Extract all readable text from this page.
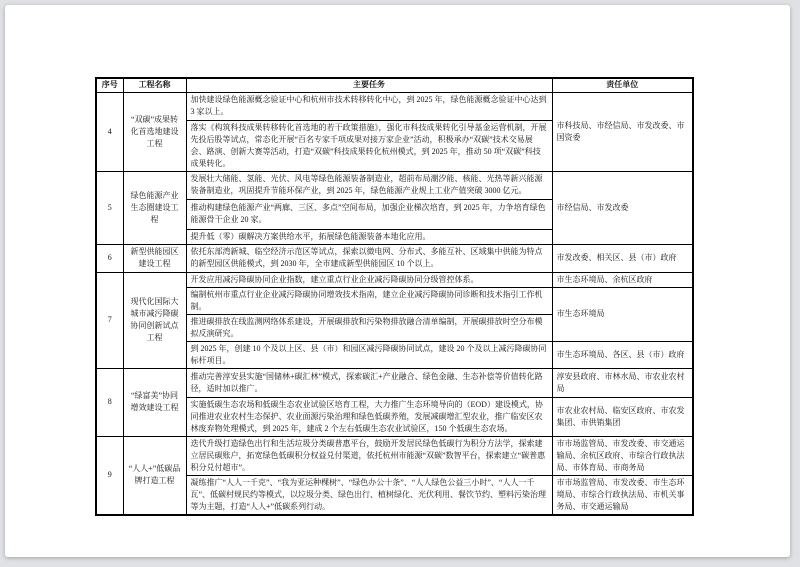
序号	工程名称	主要任务	责任单位
4	“双碳”成果转化首选地建设工程	加快建设绿色能源概念验证中心和杭州市技术转移转化中心，到 2025 年，绿色能源概念验证中心达到 3 家以上。	市科技局、市经信局、市发改委、市国资委
		落实《构筑科技成果转移转化首选地的若干政策措施》，强化市科技成果转化引导基金运营机制，开展先投后股等试点，常态化开展“百名专家千项成果对接万家企业”活动，积极承办“双碳”技术交易展会、路演、创新大赛等活动，打造“双碳”科技成果转化杭州模式，到 2025 年，推动 50 项“双碳”科技成果转化。	
5	绿色能源产业生态圈建设工程	发展壮大储能、氢能、光伏、风电等绿色能源装备制造业，超前布局潮汐能、核能、光热等新兴能源装备制造业，巩固提升节能环保产业，到 2025 年，绿色能源产业规上工业产值突破 3000 亿元。	市经信局、市发改委
		推动构建绿色能源产业“两廊、三区、多点”空间布局，加强企业梯次培育，到 2025 年，力争培育绿色能源骨干企业 20 家。	
		提升低（零）碳解决方案供给水平，拓展绿色能源装备本地化应用。	
6	新型供能园区建设工程	依托东部湾新城、临空经济示范区等试点，探索以微电网、分布式、多能互补、区域集中供能为特点的新型园区供能模式，到 2030 年，全市建成新型供能园区 10 个以上。	市发改委、相关区、县（市）政府
7	现代化国际大城市减污降碳协同创新试点工程	开发应用减污降碳协同企业指数，建立重点行业企业减污降碳协同分级管控体系。	市生态环境局、余杭区政府
		编制杭州市重点行业企业减污降碳协同增效技术指南，建立企业减污降碳协同诊断和技术指引工作机制。	市生态环境局
		推进碳排放在线监测网络体系建设，开展碳排放和污染物排放融合清单编制，开展碳排放时空分布模拟反演研究。	
		到 2025 年，创建 10 个及以上区、县（市）和园区减污降碳协同试点，建设 20 个及以上减污降碳协同标杆项目。	市生态环境局、各区、县（市）政府
8	“绿富美”协同增效建设工程	推动完善淳安县实施“国储林+碳汇林”模式，探索碳汇+产业融合、绿色金融、生态补偿等价值转化路径，适时加以推广。	淳安县政府、市林水局、市农业农村局
		实施低碳生态农场和低碳生态农业试验区培育工程，大力推广生态环境导向的（EOD）建设模式，协同推进农业农村生态保护、农业面源污染治理和绿色低碳养殖，发展减碳增汇型农业，推广临安区农林废弃物处理模式，到 2025 年，建成 2 个左右低碳生态农业试验区，150 个低碳生态农场。	市农业农村局、临安区政府、市农发集团、市供销集团
9	“人人+”低碳品牌打造工程	迭代升级打造绿色出行和生活垃圾分类碳普惠平台，鼓励开发居民绿色低碳行为积分方法学，探索建立居民碳账户，拓宽绿色低碳积分权益兑付渠道，依托杭州市能源“双碳”数智平台，探索建立“碳普惠积分兑付超市”。	市市场监管局、市发改委、市交通运输局、余杭区政府、市综合行政执法局、市体育局、市商务局
		凝练推广“人人一千克”、“我为亚运种棵树”、“绿色办公十条”、“人人绿色公益三小时”、“人人一千瓦”、低碳村规民约等模式，以垃圾分类、绿色出行、植树绿化、光伏利用、餐饮节约、塑料污染治理等为主题，打造“人人+”低碳系列行动。	市市场监管局、市发改委、市生态环境局、市综合行政执法局、市机关事务局、市交通运输局
